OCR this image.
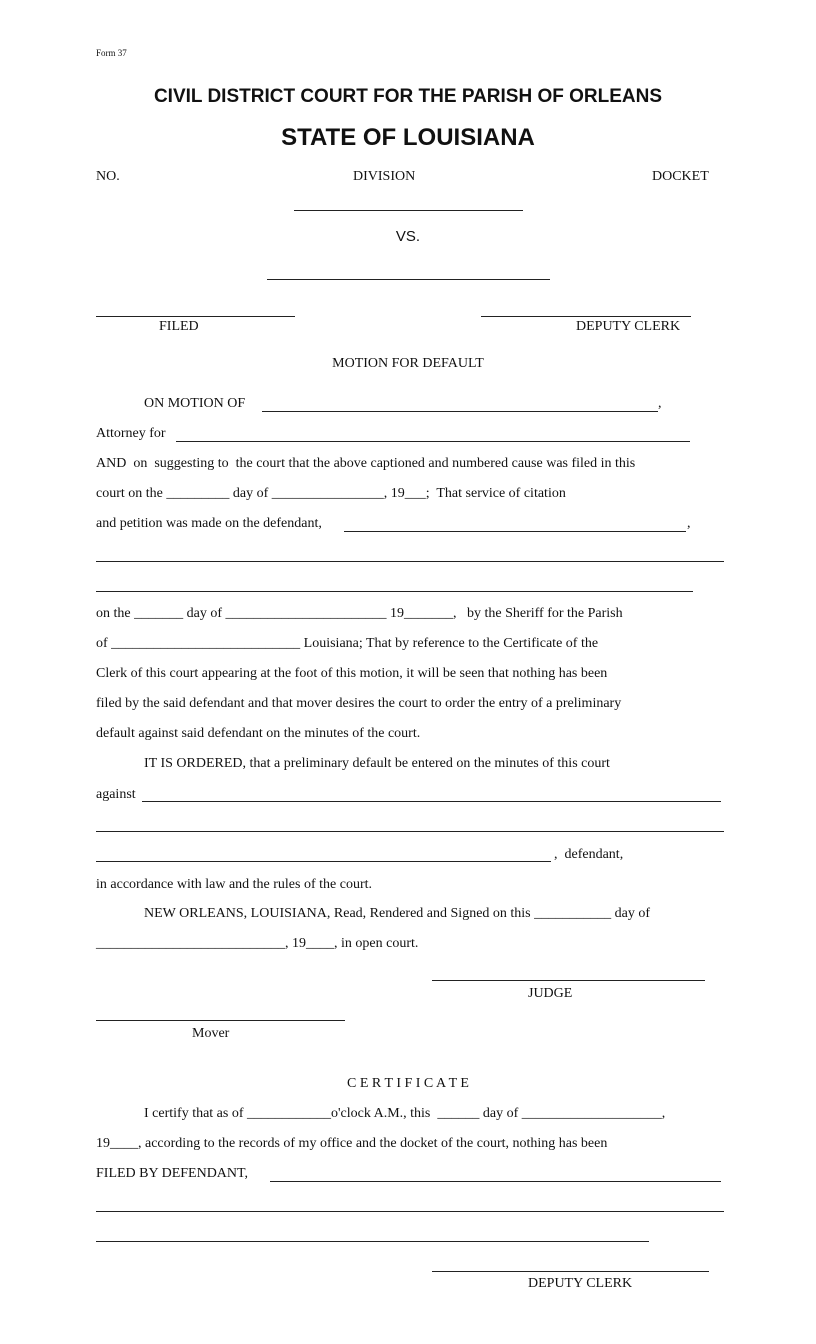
Form 37
CIVIL DISTRICT COURT FOR THE PARISH OF ORLEANS
STATE OF LOUISIANA
NO.	DIVISION	DOCKET
VS.
FILED	DEPUTY CLERK
MOTION FOR DEFAULT
ON MOTION OF	,
Attorney for
AND  on  suggesting to  the court that the above captioned and numbered cause was filed in this
court on the _________ day of ________________, 19___;  That service of citation
and petition was made on the defendant,	,
on the _______ day of _______________________ 19_______,   by the Sheriff for the Parish
of ___________________________ Louisiana; That by reference to the Certificate of the
Clerk of this court appearing at the foot of this motion, it will be seen that nothing has been
filed by the said defendant and that mover desires the court to order the entry of a preliminary
default against said defendant on the minutes of the court.
IT IS ORDERED, that a preliminary default be entered on the minutes of this court
against
,  defendant,
in accordance with law and the rules of the court.
NEW ORLEANS, LOUISIANA, Read, Rendered and Signed on this ___________ day of
___________________________, 19____, in open court.
JUDGE
Mover
C E R T I F I C A T E
I certify that as of ____________o'clock A.M., this  ______ day of ____________________,
19____, according to the records of my office and the docket of the court, nothing has been
FILED BY DEFENDANT,
DEPUTY CLERK
